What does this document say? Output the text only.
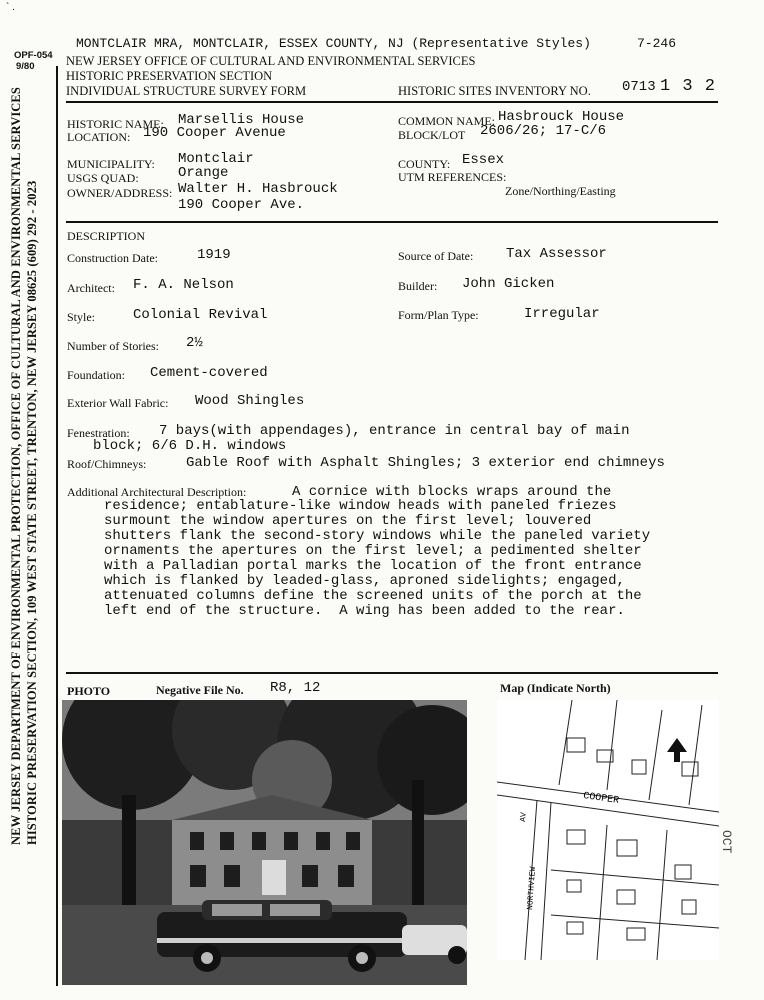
` .
OPF-054
9/80
MONTCLAIR MRA, MONTCLAIR, ESSEX COUNTY, NJ (Representative Styles)	7-246
NEW JERSEY OFFICE OF CULTURAL AND ENVIRONMENTAL SERVICES
HISTORIC PRESERVATION SECTION
INDIVIDUAL STRUCTURE SURVEY FORM	HISTORIC SITES INVENTORY NO. 0713 1 3 2
NEW JERSEY DEPARTMENT OF ENVIRONMENTAL PROTECTION, OFFICE OF CULTURAL AND ENVIRONMENTAL SERVICES HISTORIC PRESERVATION SECTION, 109 WEST STATE STREET, TRENTON, NEW JERSEY 08625 (609) 292 - 2023
HISTORIC NAME: Marsellis House
LOCATION: 190 Cooper Avenue
COMMON NAME: Hasbrouck House
BLOCK/LOT 2606/26; 17-C/6
MUNICIPALITY: Montclair
USGS QUAD:	Orange
OWNER/ADDRESS: Walter H. Hasbrouck
190 Cooper Ave.
COUNTY: Essex
UTM REFERENCES:
Zone/Northing/Easting
DESCRIPTION
Construction Date:	1919	Source of Date: Tax Assessor
Architect: F. A. Nelson	Builder: John Gicken
Style:	Colonial Revival	Form/Plan Type:	Irregular
Number of Stories: 2½
Foundation: Cement-covered
Exterior Wall Fabric: Wood Shingles
Fenestration: 7 bays(with appendages), entrance in central bay of main
block; 6/6 D.H. windows
Roof/Chimneys:	Gable Roof with Asphalt Shingles; 3 exterior end chimneys
Additional Architectural Description:	A cornice with blocks wraps around the
residence; entablature-like window heads with paneled friezes
surmount the window apertures on the first level; louvered
shutters flank the second-story windows while the paneled variety
ornaments the apertures on the first level; a pedimented shelter
with a Palladian portal marks the location of the front entrance
which is flanked by leaded-glass, aproned sidelights; engaged,
attenuated columns define the screened units of the porch at the
left end of the structure.  A wing has been added to the rear.
PHOTO	Negative File No. R8, 12	Map (Indicate North)
COOPER
NORTHVIEW
AV
OCT
